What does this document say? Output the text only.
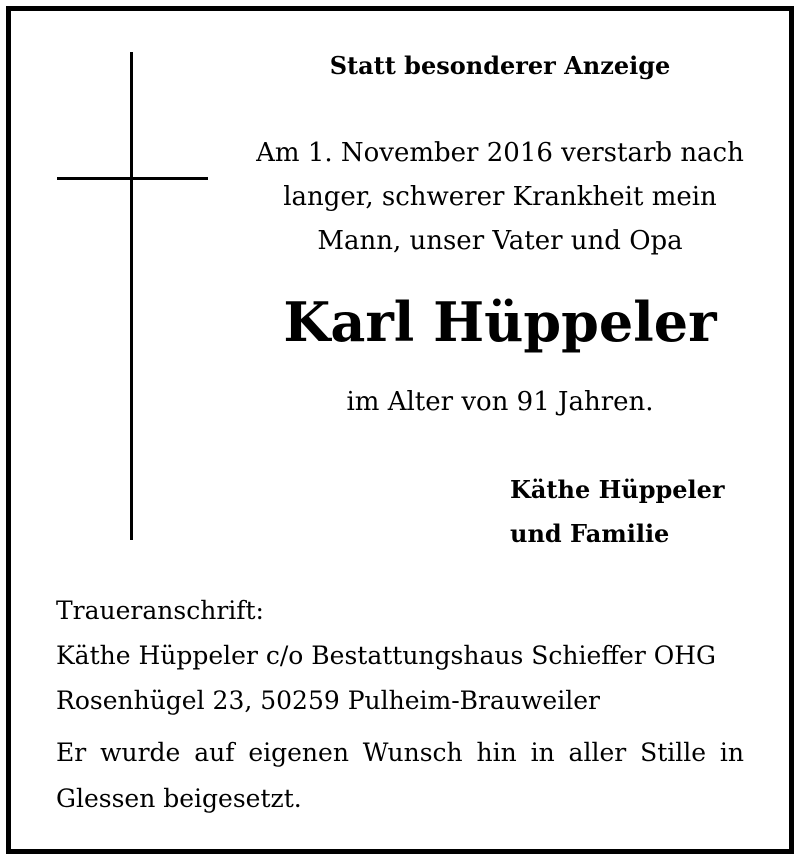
Statt besonderer Anzeige
Am 1. November 2016 verstarb nach
langer, schwerer Krankheit mein
Mann, unser Vater und Opa
Karl Hüppeler
im Alter von 91 Jahren.
Käthe Hüppeler
und Familie
Traueranschrift:
Käthe Hüppeler c/o Bestattungshaus Schieffer OHG
Rosenhügel 23, 50259 Pulheim-Brauweiler
Er wurde auf eigenen Wunsch hin in aller Stille in
Glessen beigesetzt.
